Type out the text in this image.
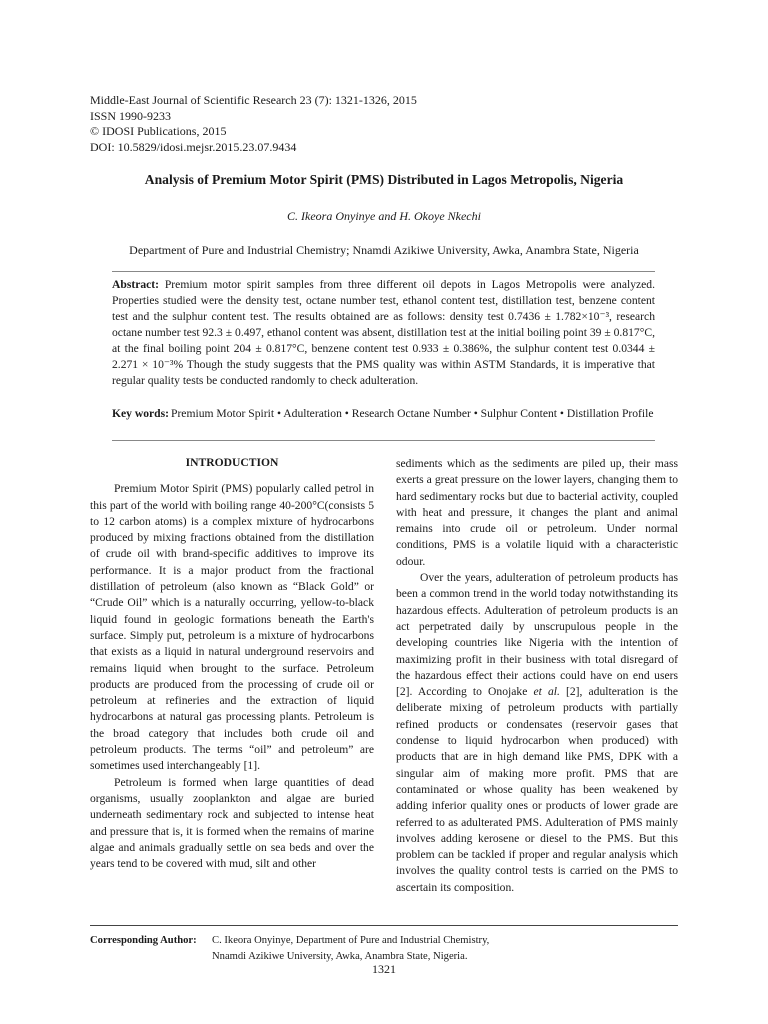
Middle-East Journal of Scientific Research 23 (7): 1321-1326, 2015
ISSN 1990-9233
© IDOSI Publications, 2015
DOI: 10.5829/idosi.mejsr.2015.23.07.9434
Analysis of Premium Motor Spirit (PMS) Distributed in Lagos Metropolis, Nigeria
C. Ikeora Onyinye and H. Okoye Nkechi
Department of Pure and Industrial Chemistry; Nnamdi Azikiwe University, Awka, Anambra State, Nigeria
Abstract: Premium motor spirit samples from three different oil depots in Lagos Metropolis were analyzed. Properties studied were the density test, octane number test, ethanol content test, distillation test, benzene content test and the sulphur content test. The results obtained are as follows: density test 0.7436 ± 1.782×10⁻³, research octane number test 92.3 ± 0.497, ethanol content was absent, distillation test at the initial boiling point 39 ± 0.817°C, at the final boiling point 204 ± 0.817°C, benzene content test 0.933 ± 0.386%, the sulphur content test 0.0344 ± 2.271 × 10⁻³% Though the study suggests that the PMS quality was within ASTM Standards, it is imperative that regular quality tests be conducted randomly to check adulteration.
Key words: Premium Motor Spirit • Adulteration • Research Octane Number • Sulphur Content • Distillation Profile
INTRODUCTION

Premium Motor Spirit (PMS) popularly called petrol in this part of the world with boiling range 40-200°C(consists 5 to 12 carbon atoms) is a complex mixture of hydrocarbons produced by mixing fractions obtained from the distillation of crude oil with brand-specific additives to improve its performance. It is a major product from the fractional distillation of petroleum (also known as “Black Gold” or “Crude Oil” which is a naturally occurring, yellow-to-black liquid found in geologic formations beneath the Earth's surface. Simply put, petroleum is a mixture of hydrocarbons that exists as a liquid in natural underground reservoirs and remains liquid when brought to the surface. Petroleum products are produced from the processing of crude oil or petroleum at refineries and the extraction of liquid hydrocarbons at natural gas processing plants. Petroleum is the broad category that includes both crude oil and petroleum products. The terms “oil” and petroleum” are sometimes used interchangeably [1].

Petroleum is formed when large quantities of dead organisms, usually zooplankton and algae are buried underneath sedimentary rock and subjected to intense heat and pressure that is, it is formed when the remains of marine algae and animals gradually settle on sea beds and over the years tend to be covered with mud, silt and other

sediments which as the sediments are piled up, their mass exerts a great pressure on the lower layers, changing them to hard sedimentary rocks but due to bacterial activity, coupled with heat and pressure, it changes the plant and animal remains into crude oil or petroleum. Under normal conditions, PMS is a volatile liquid with a characteristic odour.

Over the years, adulteration of petroleum products has been a common trend in the world today notwithstanding its hazardous effects. Adulteration of petroleum products is an act perpetrated daily by unscrupulous people in the developing countries like Nigeria with the intention of maximizing profit in their business with total disregard of the hazardous effect their actions could have on end users [2]. According to Onojake et al. [2], adulteration is the deliberate mixing of petroleum products with partially refined products or condensates (reservoir gases that condense to liquid hydrocarbon when produced) with products that are in high demand like PMS, DPK with a singular aim of making more profit. PMS that are contaminated or whose quality has been weakened by adding inferior quality ones or products of lower grade are referred to as adulterated PMS. Adulteration of PMS mainly involves adding kerosene or diesel to the PMS. But this problem can be tackled if proper and regular analysis which involves the quality control tests is carried on the PMS to ascertain its composition.

Corresponding Author: C. Ikeora Onyinye, Department of Pure and Industrial Chemistry,
Nnamdi Azikiwe University, Awka, Anambra State, Nigeria.
1321
